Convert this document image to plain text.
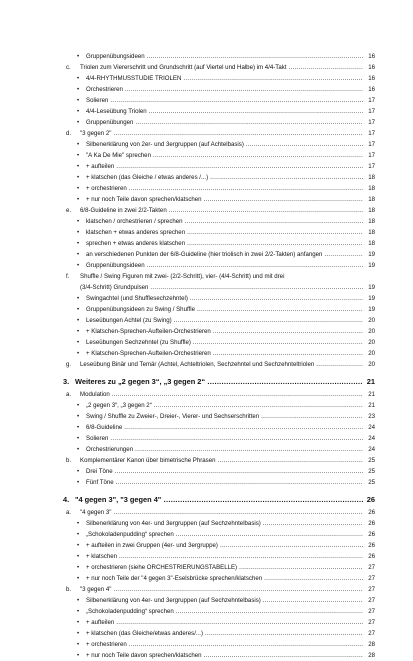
• Gruppenübungsideen .....	16
c. Triolen zum Viererschritt und Grundschritt (auf Viertel und Halbe) im 4/4-Takt .....	16
• 4/4-RHYTHMUSSTUDIE TRIOLEN .....	16
• Orchestrieren .....	16
• Solieren .....	17
• 4/4-Leseübung Triolen .....	17
• Gruppenübungen .....	17
d. "3 gegen 2" .....	17
• Silbenerklärung von 2er- und 3ergruppen (auf Achtelbasis) .....	17
• "A Ka De Mie" sprechen .....	17
• + aufteilen .....	17
• + klatschen (das Gleiche / etwas anderes /...) .....	18
• + orchestrieren .....	18
• + nur noch Teile davon sprechen/klatschen .....	18
e. 6/8-Guideline in zwei 2/2-Takten .....	18
• klatschen / orchestrieren / sprechen .....	18
• klatschen + etwas anderes sprechen .....	18
• sprechen + etwas anderes klatschen .....	18
• an verschiedenen Punkten der 6/8-Guideline (hier triolisch in zwei 2/2-Takten) anfangen .....	19
• Gruppenübungsideen .....	19
f. Shuffle / Swing Figuren mit zwei- (2/2-Schritt), vier- (4/4-Schritt) und mit drei
(3/4-Schritt) Grundpulsen .....	19
• Swingachtel (und Shufflesechzehntel) .....	19
• Gruppenübungsideen zu Swing / Shuffle .....	19
• Leseübungen Achtel (zu Swing) .....	20
• + Klatschen-Sprechen-Aufteilen-Orchestrieren .....	20
• Leseübungen Sechzehntel (zu Shuffle) .....	20
• + Klatschen-Sprechen-Aufteilen-Orchestrieren .....	20
g. Leseübung Binär und Temär (Achtel, Achteltriolen, Sechzehntel und Sechzehnteltriolen .....	20
3. Weiteres zu „2 gegen 3“, „3 gegen 2“ .....	21
a. Modulation .....	21
• „2 gegen 3“, „3 gegen 2“ .....	21
• Swing / Shuffle zu Zweier-, Dreier-, Vierer- und Sechserschritten .....	23
• 6/8-Guideline .....	24
• Solieren .....	24
• Orchestrierungen .....	24
b. Komplementärer Kanon über bimetrische Phrasen .....	25
• Drei Töne .....	25
• Fünf Töne .....	25
4. "4 gegen 3", "3 gegen 4" .....	26
a. "4 gegen 3" .....	26
• Silbenerklärung von 4er- und 3ergruppen (auf Sechzehntelbasis) .....	26
• „Schokoladenpudding“ sprechen .....	26
• + aufteilen in zwei Gruppen (4er- und 3ergruppe) .....	26
• + klatschen .....	26
• + orchestrieren (siehe ORCHESTRIERUNGSTABELLE) .....	27
• + nur noch Teile der "4 gegen 3"-Eselsbrücke sprechen/klatschen .....	27
b. "3 gegen 4" .....	27
• Silbenerklärung von 4er- und 3ergruppen (auf Sechzehntelbasis) .....	27
• „Schokoladenpudding“ sprechen .....	27
• + aufteilen .....	27
• + klatschen (das Gleiche/etwas anderes/...) .....	27
• + orchestrieren .....	28
• + nur noch Teile davon sprechen/klatschen .....	28
